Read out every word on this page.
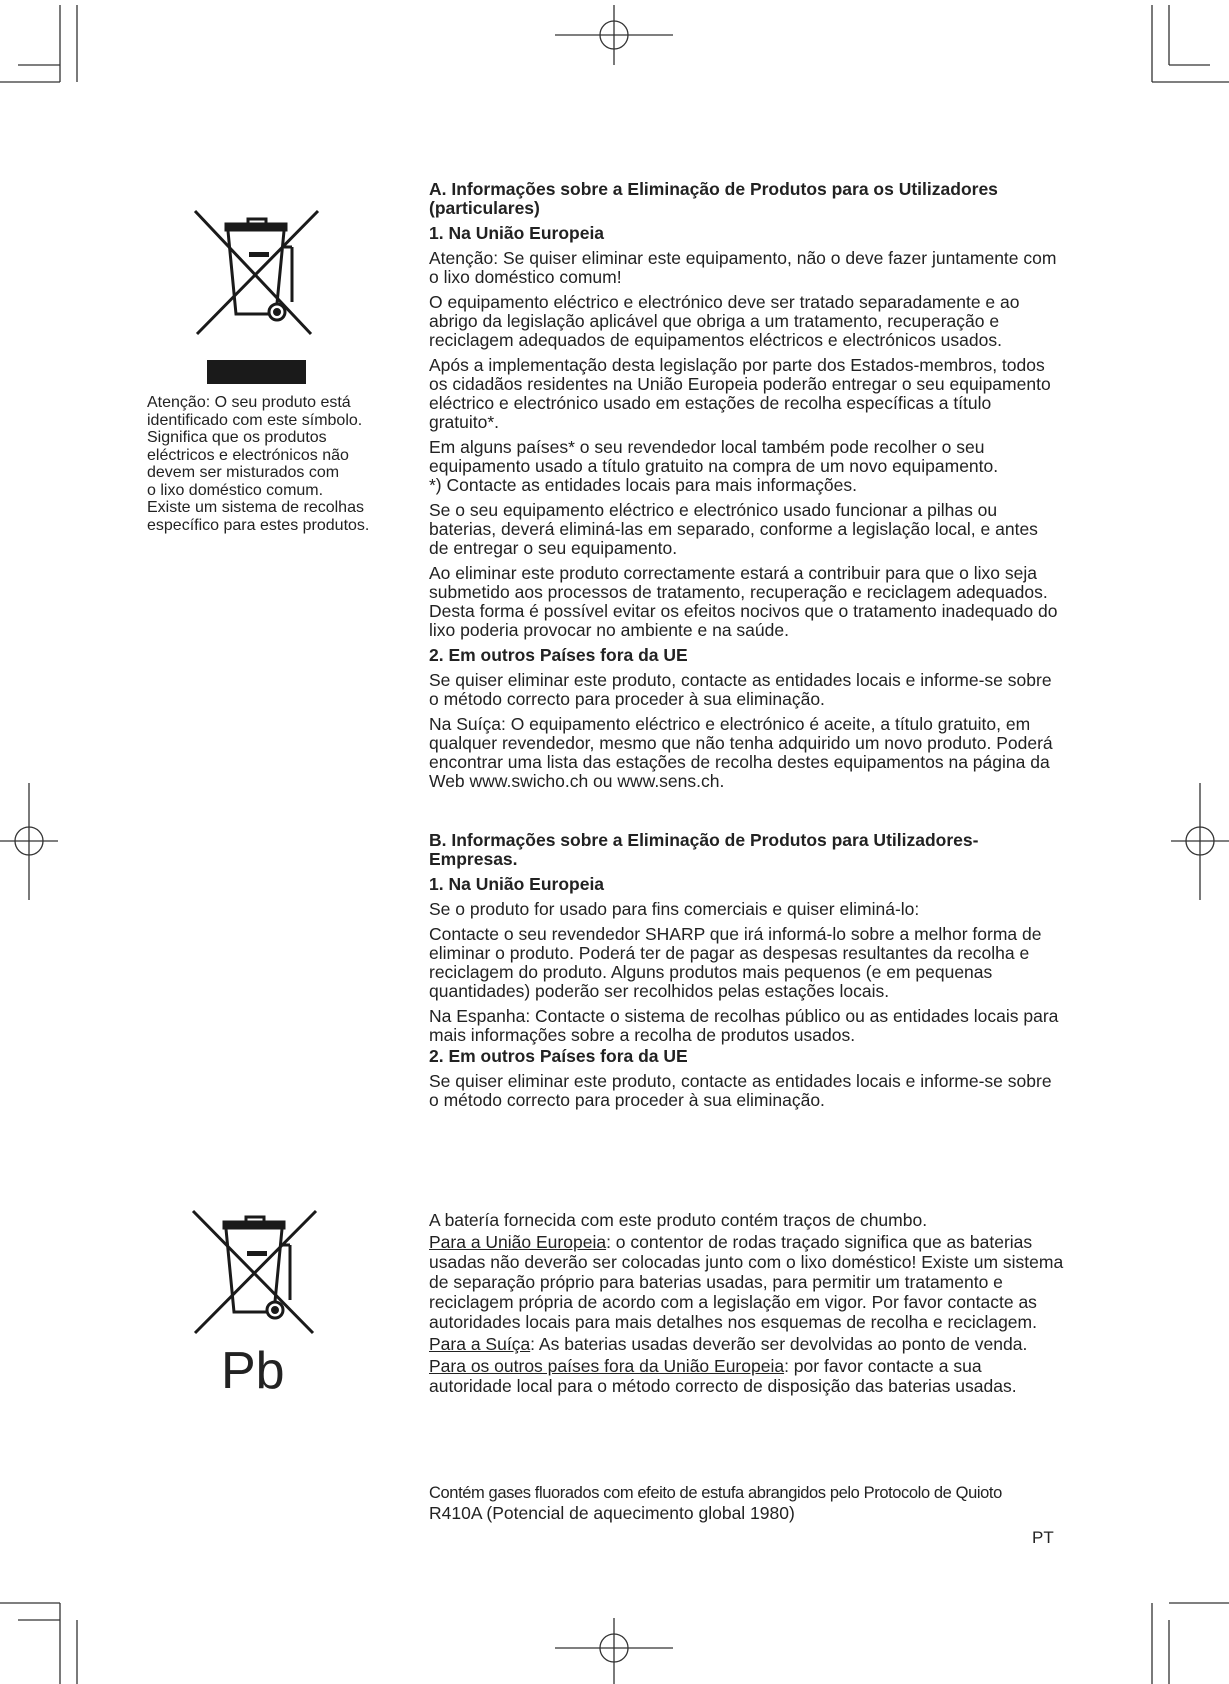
Atenção: O seu produto está
identificado com este símbolo.
Significa que os produtos
eléctricos e electrónicos não
devem ser misturados com
o lixo doméstico comum.
Existe um sistema de recolhas
específico para estes produtos.
A. Informações sobre a Eliminação de Produtos para os Utilizadores (particulares)
1. Na União Europeia

Atenção: Se quiser eliminar este equipamento, não o deve fazer juntamente com o lixo doméstico comum!

O equipamento eléctrico e electrónico deve ser tratado separadamente e ao abrigo da legislação aplicável que obriga a um tratamento, recuperação e reciclagem adequados de equipamentos eléctricos e electrónicos usados.

Após a implementação desta legislação por parte dos Estados-membros, todos os cidadãos residentes na União Europeia poderão entregar o seu equipamento eléctrico e electrónico usado em estações de recolha específicas a título gratuito*.

Em alguns países* o seu revendedor local também pode recolher o seu equipamento usado a título gratuito na compra de um novo equipamento.

*) Contacte as entidades locais para mais informações.

Se o seu equipamento eléctrico e electrónico usado funcionar a pilhas ou baterias, deverá eliminá-las em separado, conforme a legislação local, e antes de entregar o seu equipamento.

Ao eliminar este produto correctamente estará a contribuir para que o lixo seja submetido aos processos de tratamento, recuperação e reciclagem adequados. Desta forma é possível evitar os efeitos nocivos que o tratamento inadequado do lixo poderia provocar no ambiente e na saúde.

2. Em outros Países fora da UE

Se quiser eliminar este produto, contacte as entidades locais e informe-se sobre o método correcto para proceder à sua eliminação.

Na Suíça: O equipamento eléctrico e electrónico é aceite, a título gratuito, em qualquer revendedor, mesmo que não tenha adquirido um novo produto. Poderá encontrar uma lista das estações de recolha destes equipamentos na página da Web www.swicho.ch ou www.sens.ch.

B. Informações sobre a Eliminação de Produtos para Utilizadores-Empresas.
1. Na União Europeia

Se o produto for usado para fins comerciais e quiser eliminá-lo:

Contacte o seu revendedor SHARP que irá informá-lo sobre a melhor forma de eliminar o produto. Poderá ter de pagar as despesas resultantes da recolha e reciclagem do produto. Alguns produtos mais pequenos (e em pequenas quantidades) poderão ser recolhidos pelas estações locais.

Na Espanha: Contacte o sistema de recolhas público ou as entidades locais para mais informações sobre a recolha de produtos usados.

2. Em outros Países fora da UE

Se quiser eliminar este produto, contacte as entidades locais e informe-se sobre o método correcto para proceder à sua eliminação.

Pb

A batería fornecida com este produto contém traços de chumbo.

Para a União Europeia: o contentor de rodas traçado significa que as baterias usadas não deverão ser colocadas junto com o lixo doméstico! Existe um sistema de separação próprio para baterias usadas, para permitir um tratamento e reciclagem própria de acordo com a legislação em vigor. Por favor contacte as autoridades locais para mais detalhes nos esquemas de recolha e reciclagem.

Para a Suíça: As baterias usadas deverão ser devolvidas ao ponto de venda.

Para os outros países fora da União Europeia: por favor contacte a sua autoridade local para o método correcto de disposição das baterias usadas.

Contém gases fluorados com efeito de estufa abrangidos pelo Protocolo de Quioto
R410A (Potencial de aquecimento global 1980)
PT
